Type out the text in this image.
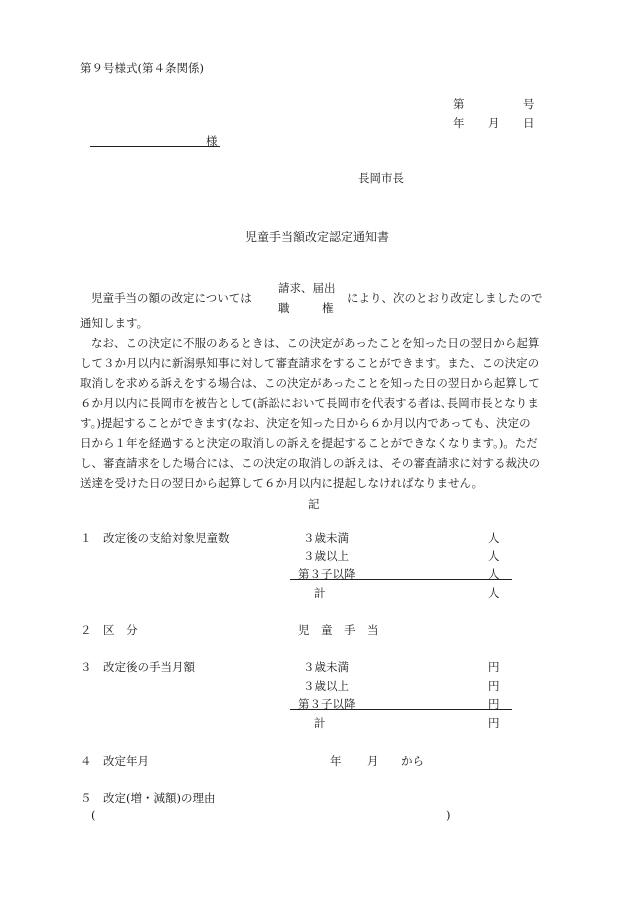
第９号様式(第４条関係)
第	号
年 月 日
様
長岡市長
児童手当額改定認定通知書
児童手当の額の改定については
請求、届出
職	権
により、次のとおり改定しましたので
通知します。
なお、この決定に不服のあるときは、この決定があったことを知った日の翌日から起算
して３か月以内に新潟県知事に対して審査請求をすることができます。また、この決定の
取消しを求める訴えをする場合は、この決定があったことを知った日の翌日から起算して
６か月以内に長岡市を被告として(訴訟において長岡市を代表する者は､長岡市長となりま
す。)提起することができます(なお、決定を知った日から６か月以内であっても、決定の
日から１年を経過すると決定の取消しの訴えを提起することができなくなります。)。ただ
し、審査請求をした場合には、この決定の取消しの訴えは、その審査請求に対する裁決の
送達を受けた日の翌日から起算して６か月以内に提起しなければなりません。
記
１ 改定後の支給対象児童数	３歳未満	人
３歳以上	人
第３子以降	人
計	人
２ 区　分	児　童　手　当
３ 改定後の手当月額	３歳未満	円
３歳以上	円
第３子以降	円
計	円
４ 改定年月	年 月 から
５ 改定(増・減額)の理由
(	)
